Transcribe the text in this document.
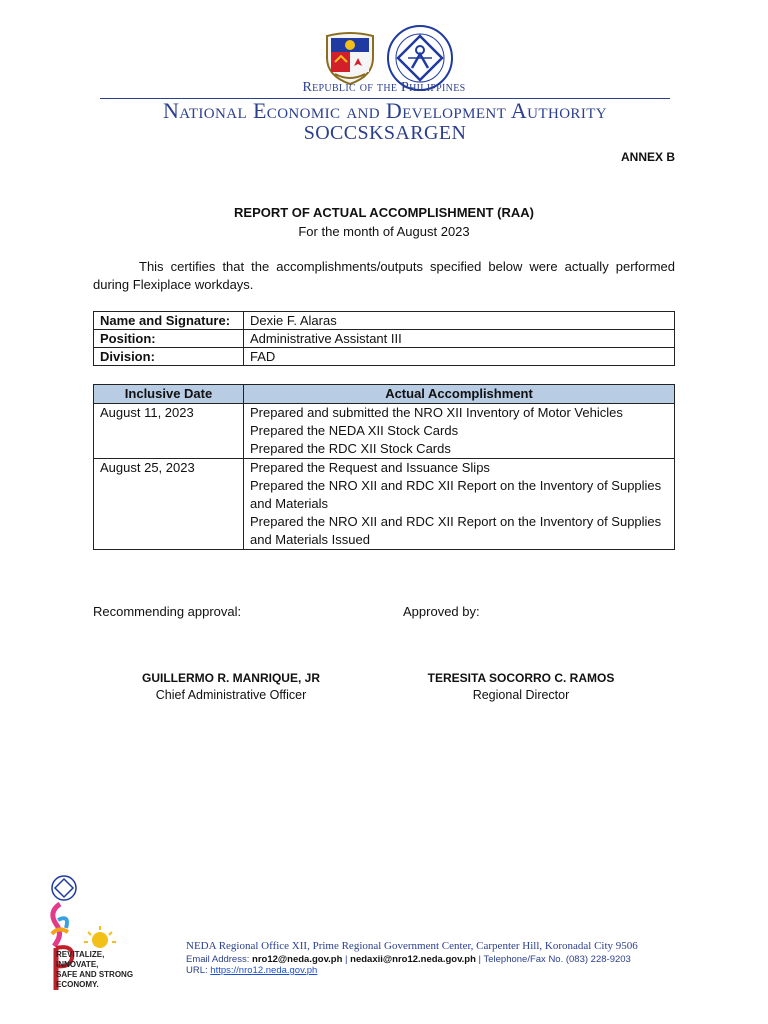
Republic of the Philippines
National Economic and Development Authority
SOCCSKSARGEN
ANNEX B
REPORT OF ACTUAL ACCOMPLISHMENT (RAA)
For the month of August 2023
This certifies that the accomplishments/outputs specified below were actually performed during Flexiplace workdays.
Name and Signature:	Dexie F. Alaras
Position:	Administrative Assistant III
Division:	FAD
Inclusive Date	Actual Accomplishment
August 11, 2023	Prepared and submitted the NRO XII Inventory of Motor Vehicles
Prepared the NEDA XII Stock Cards
Prepared the RDC XII Stock Cards

August 25, 2023	Prepared the Request and Issuance Slips
Prepared the NRO XII and RDC XII Report on the Inventory of Supplies and Materials
Prepared the NRO XII and RDC XII Report on the Inventory of Supplies and Materials Issued
Recommending approval:	Approved by:
GUILLERMO R. MANRIQUE, JR
Chief Administrative Officer
TERESITA SOCORRO C. RAMOS
Regional Director
REVITALIZE,
INNOVATE,
SAFE AND STRONG
ECONOMY.
NEDA Regional Office XII, Prime Regional Government Center, Carpenter Hill, Koronadal City 9506
Email Address: nro12@neda.gov.ph | nedaxii@nro12.neda.gov.ph | Telephone/Fax No. (083) 228-9203
URL: https://nro12.neda.gov.ph
